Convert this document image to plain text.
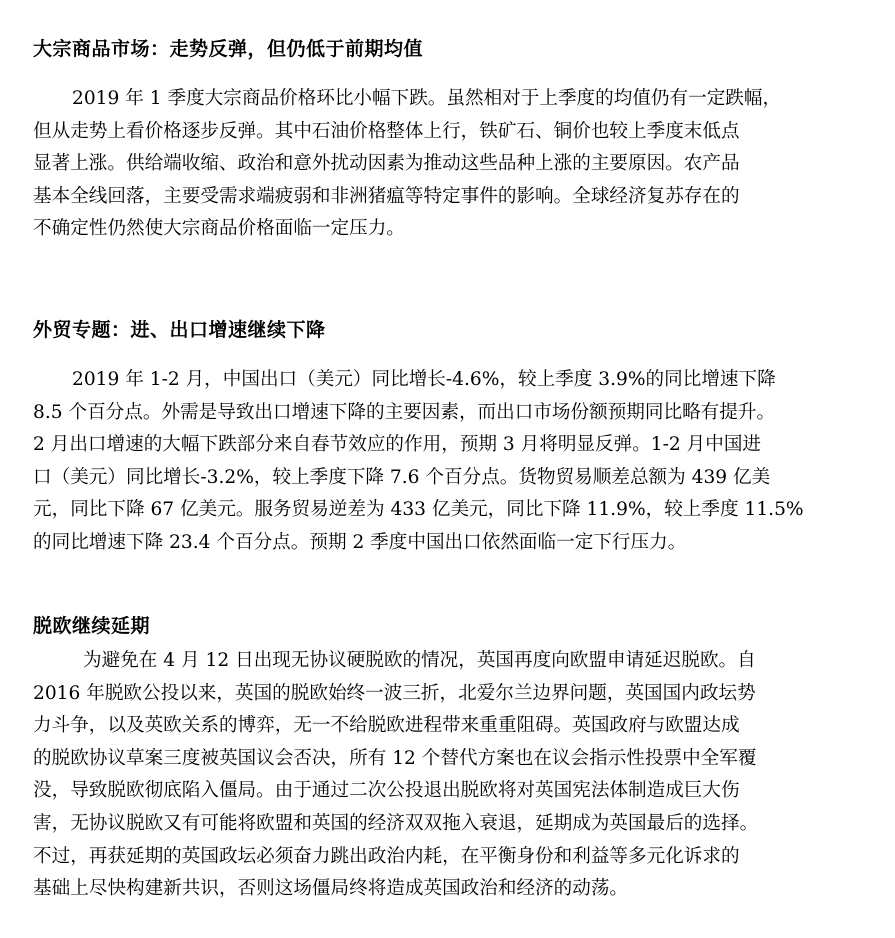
大宗商品市场：走势反弹，但仍低于前期均值
2019 年 1 季度大宗商品价格环比小幅下跌。虽然相对于上季度的均值仍有一定跌幅，
但从走势上看价格逐步反弹。其中石油价格整体上行，铁矿石、铜价也较上季度末低点
显著上涨。供给端收缩、政治和意外扰动因素为推动这些品种上涨的主要原因。农产品
基本全线回落，主要受需求端疲弱和非洲猪瘟等特定事件的影响。全球经济复苏存在的
不确定性仍然使大宗商品价格面临一定压力。
外贸专题：进、出口增速继续下降
2019 年 1-2 月，中国出口（美元）同比增长-4.6%，较上季度 3.9%的同比增速下降
8.5 个百分点。外需是导致出口增速下降的主要因素，而出口市场份额预期同比略有提升。
2 月出口增速的大幅下跌部分来自春节效应的作用，预期 3 月将明显反弹。1-2 月中国进
口（美元）同比增长-3.2%，较上季度下降 7.6 个百分点。货物贸易顺差总额为 439 亿美
元，同比下降 67 亿美元。服务贸易逆差为 433 亿美元，同比下降 11.9%，较上季度 11.5%
的同比增速下降 23.4 个百分点。预期 2 季度中国出口依然面临一定下行压力。
脱欧继续延期
为避免在 4 月 12 日出现无协议硬脱欧的情况，英国再度向欧盟申请延迟脱欧。自
2016 年脱欧公投以来，英国的脱欧始终一波三折，北爱尔兰边界问题，英国国内政坛势
力斗争，以及英欧关系的博弈，无一不给脱欧进程带来重重阻碍。英国政府与欧盟达成
的脱欧协议草案三度被英国议会否决，所有 12 个替代方案也在议会指示性投票中全军覆
没，导致脱欧彻底陷入僵局。由于通过二次公投退出脱欧将对英国宪法体制造成巨大伤
害，无协议脱欧又有可能将欧盟和英国的经济双双拖入衰退，延期成为英国最后的选择。
不过，再获延期的英国政坛必须奋力跳出政治内耗，在平衡身份和利益等多元化诉求的
基础上尽快构建新共识，否则这场僵局终将造成英国政治和经济的动荡。
